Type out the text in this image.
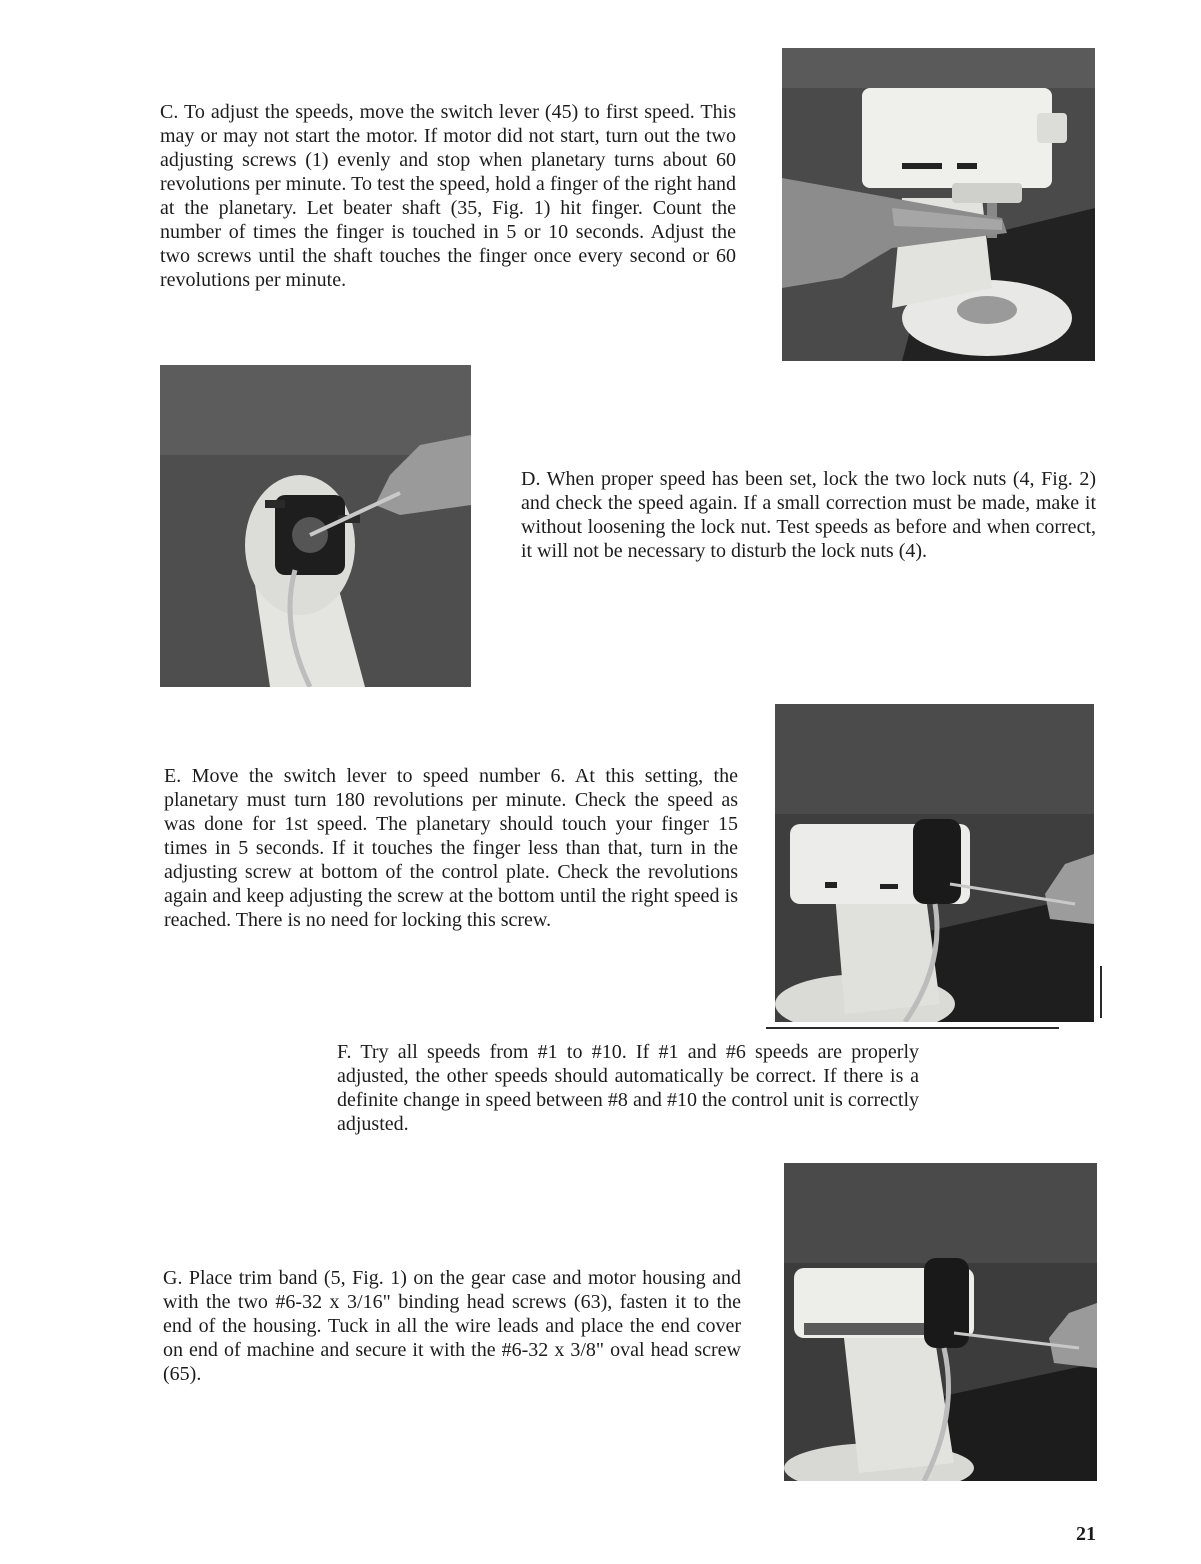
C. To adjust the speeds, move the switch lever (45) to first speed. This may or may not start the motor. If motor did not start, turn out the two adjusting screws (1) evenly and stop when planetary turns about 60 revolutions per minute. To test the speed, hold a finger of the right hand at the planetary. Let beater shaft (35, Fig. 1) hit finger. Count the number of times the finger is touched in 5 or 10 seconds. Adjust the two screws until the shaft touches the finger once every second or 60 revolutions per minute.

D. When proper speed has been set, lock the two lock nuts (4, Fig. 2) and check the speed again. If a small correction must be made, make it without loosening the lock nut. Test speeds as before and when correct, it will not be necessary to disturb the lock nuts (4).

E. Move the switch lever to speed number 6. At this setting, the planetary must turn 180 revolutions per minute. Check the speed as was done for 1st speed. The planetary should touch your finger 15 times in 5 seconds. If it touches the finger less than that, turn in the adjusting screw at bottom of the control plate. Check the revolutions again and keep adjusting the screw at the bottom until the right speed is reached. There is no need for locking this screw.

F. Try all speeds from #1 to #10. If #1 and #6 speeds are properly adjusted, the other speeds should automatically be correct. If there is a definite change in speed between #8 and #10 the control unit is correctly adjusted.

G. Place trim band (5, Fig. 1) on the gear case and motor housing and with the two #6-32 x 3/16" binding head screws (63), fasten it to the end of the housing. Tuck in all the wire leads and place the end cover on end of machine and secure it with the #6-32 x 3/8" oval head screw (65).

21
